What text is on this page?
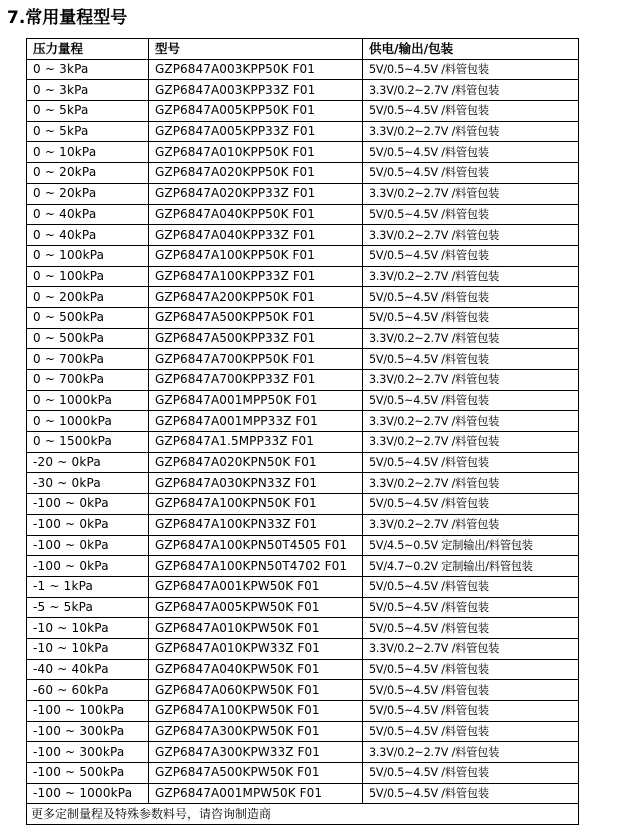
7.常用量程型号
压力量程	型号	供电/输出/包装
0 ~ 3kPa	GZP6847A003KPP50K F01	5V/0.5~4.5V /料管包装
0 ~ 3kPa	GZP6847A003KPP33Z F01	3.3V/0.2~2.7V /料管包装
0 ~ 5kPa	GZP6847A005KPP50K F01	5V/0.5~4.5V /料管包装
0 ~ 5kPa	GZP6847A005KPP33Z F01	3.3V/0.2~2.7V /料管包装
0 ~ 10kPa	GZP6847A010KPP50K F01	5V/0.5~4.5V /料管包装
0 ~ 20kPa	GZP6847A020KPP50K F01	5V/0.5~4.5V /料管包装
0 ~ 20kPa	GZP6847A020KPP33Z F01	3.3V/0.2~2.7V /料管包装
0 ~ 40kPa	GZP6847A040KPP50K F01	5V/0.5~4.5V /料管包装
0 ~ 40kPa	GZP6847A040KPP33Z F01	3.3V/0.2~2.7V /料管包装
0 ~ 100kPa	GZP6847A100KPP50K F01	5V/0.5~4.5V /料管包装
0 ~ 100kPa	GZP6847A100KPP33Z F01	3.3V/0.2~2.7V /料管包装
0 ~ 200kPa	GZP6847A200KPP50K F01	5V/0.5~4.5V /料管包装
0 ~ 500kPa	GZP6847A500KPP50K F01	5V/0.5~4.5V /料管包装
0 ~ 500kPa	GZP6847A500KPP33Z F01	3.3V/0.2~2.7V /料管包装
0 ~ 700kPa	GZP6847A700KPP50K F01	5V/0.5~4.5V /料管包装
0 ~ 700kPa	GZP6847A700KPP33Z F01	3.3V/0.2~2.7V /料管包装
0 ~ 1000kPa	GZP6847A001MPP50K F01	5V/0.5~4.5V /料管包装
0 ~ 1000kPa	GZP6847A001MPP33Z F01	3.3V/0.2~2.7V /料管包装
0 ~ 1500kPa	GZP6847A1.5MPP33Z F01	3.3V/0.2~2.7V /料管包装
-20 ~ 0kPa	GZP6847A020KPN50K F01	5V/0.5~4.5V /料管包装
-30 ~ 0kPa	GZP6847A030KPN33Z F01	3.3V/0.2~2.7V /料管包装
-100 ~ 0kPa	GZP6847A100KPN50K F01	5V/0.5~4.5V /料管包装
-100 ~ 0kPa	GZP6847A100KPN33Z F01	3.3V/0.2~2.7V /料管包装
-100 ~ 0kPa	GZP6847A100KPN50T4505 F01	5V/4.5~0.5V 定制输出/料管包装
-100 ~ 0kPa	GZP6847A100KPN50T4702 F01	5V/4.7~0.2V 定制输出/料管包装
-1 ~ 1kPa	GZP6847A001KPW50K F01	5V/0.5~4.5V /料管包装
-5 ~ 5kPa	GZP6847A005KPW50K F01	5V/0.5~4.5V /料管包装
-10 ~ 10kPa	GZP6847A010KPW50K F01	5V/0.5~4.5V /料管包装
-10 ~ 10kPa	GZP6847A010KPW33Z F01	3.3V/0.2~2.7V /料管包装
-40 ~ 40kPa	GZP6847A040KPW50K F01	5V/0.5~4.5V /料管包装
-60 ~ 60kPa	GZP6847A060KPW50K F01	5V/0.5~4.5V /料管包装
-100 ~ 100kPa	GZP6847A100KPW50K F01	5V/0.5~4.5V /料管包装
-100 ~ 300kPa	GZP6847A300KPW50K F01	5V/0.5~4.5V /料管包装
-100 ~ 300kPa	GZP6847A300KPW33Z F01	3.3V/0.2~2.7V /料管包装
-100 ~ 500kPa	GZP6847A500KPW50K F01	5V/0.5~4.5V /料管包装
-100 ~ 1000kPa	GZP6847A001MPW50K F01	5V/0.5~4.5V /料管包装
更多定制量程及特殊参数料号，请咨询制造商		
